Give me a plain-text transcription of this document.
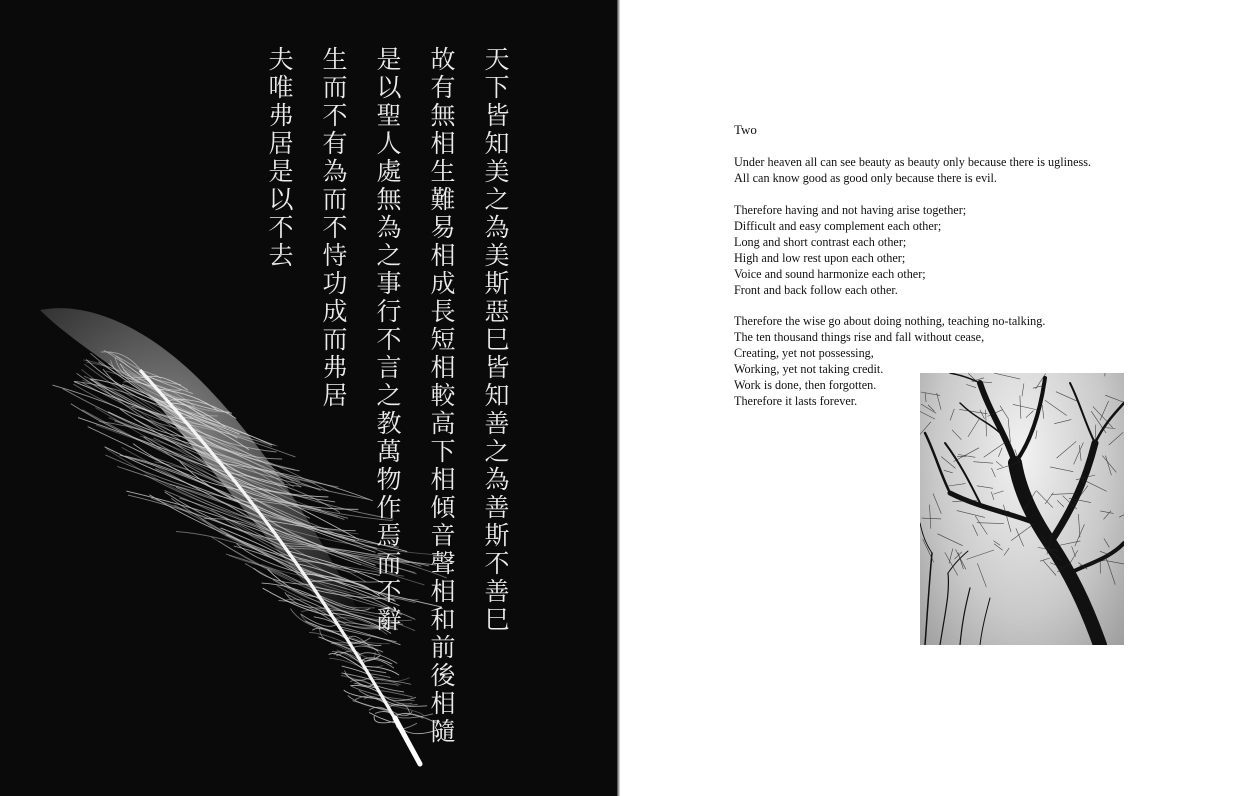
天下皆知美之為美斯惡巳皆知善之為善斯不善巳
故有無相生難易相成長短相較高下相傾音聲相和前後相隨
是以聖人處無為之事行不言之教萬物作焉而不辭
生而不有為而不恃功成而弗居
夫唯弗居是以不去	Two
Under heaven all can see beauty as beauty only because there is ugliness.
All can know good as good only because there is evil.
Therefore having and not having arise together;
Difficult and easy complement each other;
Long and short contrast each other;
High and low rest upon each other;
Voice and sound harmonize each other;
Front and back follow each other.
Therefore the wise go about doing nothing, teaching no-talking.
The ten thousand things rise and fall without cease,
Creating, yet not possessing,
Working, yet not taking credit.
Work is done, then forgotten.
Therefore it lasts forever.
